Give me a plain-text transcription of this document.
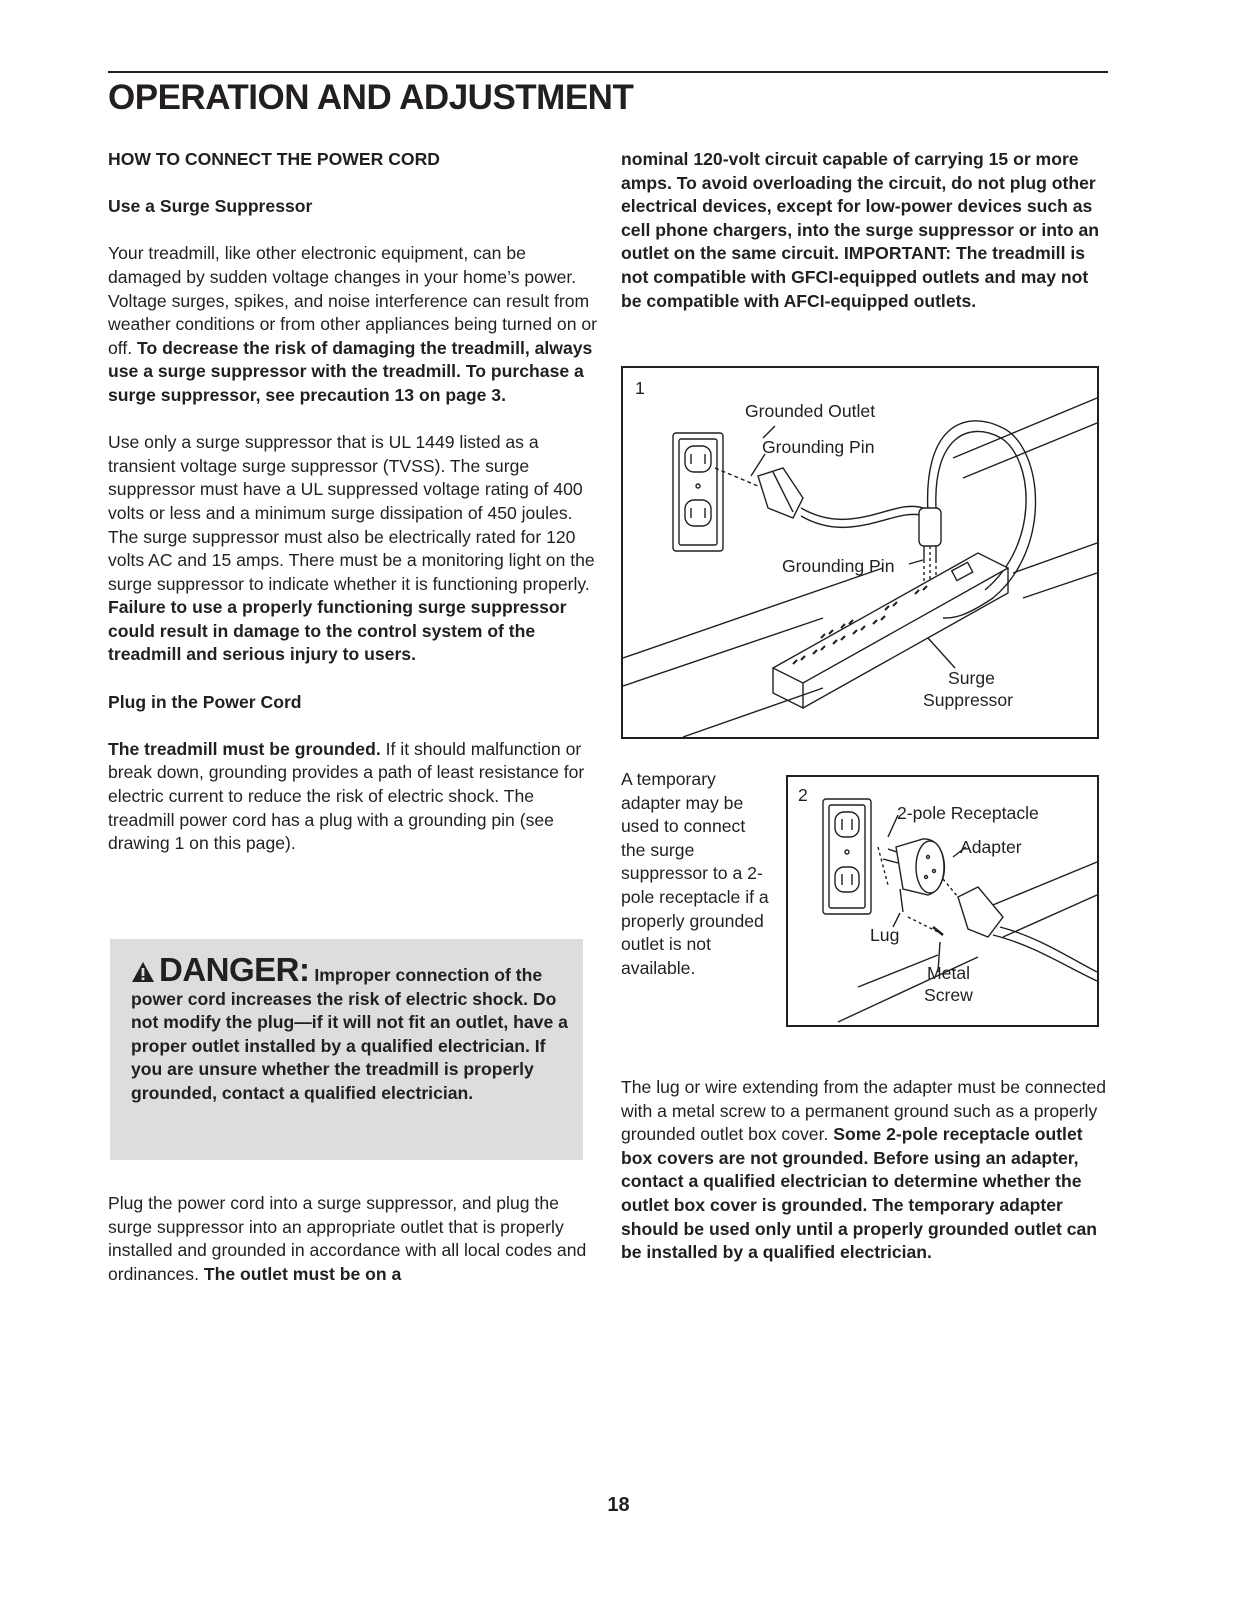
OPERATION AND ADJUSTMENT

HOW TO CONNECT THE POWER CORD

Use a Surge Suppressor

Your treadmill, like other electronic equipment, can be damaged by sudden voltage changes in your home’s power. Voltage surges, spikes, and noise interference can result from weather conditions or from other appliances being turned on or off. To decrease the risk of damaging the treadmill, always use a surge suppressor with the treadmill. To purchase a surge suppressor, see precaution 13 on page 3.

Use only a surge suppressor that is UL 1449 listed as a transient voltage surge suppressor (TVSS). The surge suppressor must have a UL suppressed voltage rating of 400 volts or less and a minimum surge dissipation of 450 joules. The surge suppressor must also be electrically rated for 120 volts AC and 15 amps. There must be a monitoring light on the surge suppressor to indicate whether it is functioning properly. Failure to use a properly functioning surge suppressor could result in damage to the control system of the treadmill and serious injury to users.

Plug in the Power Cord

The treadmill must be grounded. If it should malfunction or break down, grounding provides a path of least resistance for electric current to reduce the risk of electric shock. The treadmill power cord has a plug with a grounding pin (see drawing 1 on this page).

DANGER: Improper connection of the power cord increases the risk of electric shock. Do not modify the plug—if it will not fit an outlet, have a proper outlet installed by a qualified electrician. If you are unsure whether the treadmill is properly grounded, contact a qualified electrician.

Plug the power cord into a surge suppressor, and plug the surge suppressor into an appropriate outlet that is properly installed and grounded in accordance with all local codes and ordinances. The outlet must be on a

nominal 120-volt circuit capable of carrying 15 or more amps. To avoid overloading the circuit, do not plug other electrical devices, except for low-power devices such as cell phone chargers, into the surge suppressor or into an outlet on the same circuit. IMPORTANT: The treadmill is not compatible with GFCI-equipped outlets and may not be compatible with AFCI-equipped outlets.

1
Grounded Outlet
Grounding Pin
Grounding Pin
Surge
Suppressor
A temporary adapter may be used to connect the surge suppressor to a 2-pole receptacle if a properly grounded outlet is not available.
2
2-pole Receptacle
Adapter
Lug
Metal
Screw

The lug or wire extending from the adapter must be connected with a metal screw to a permanent ground such as a properly grounded outlet box cover. Some 2-pole receptacle outlet box covers are not grounded. Before using an adapter, contact a qualified electrician to determine whether the outlet box cover is grounded. The temporary adapter should be used only until a properly grounded outlet can be installed by a qualified electrician.

18
